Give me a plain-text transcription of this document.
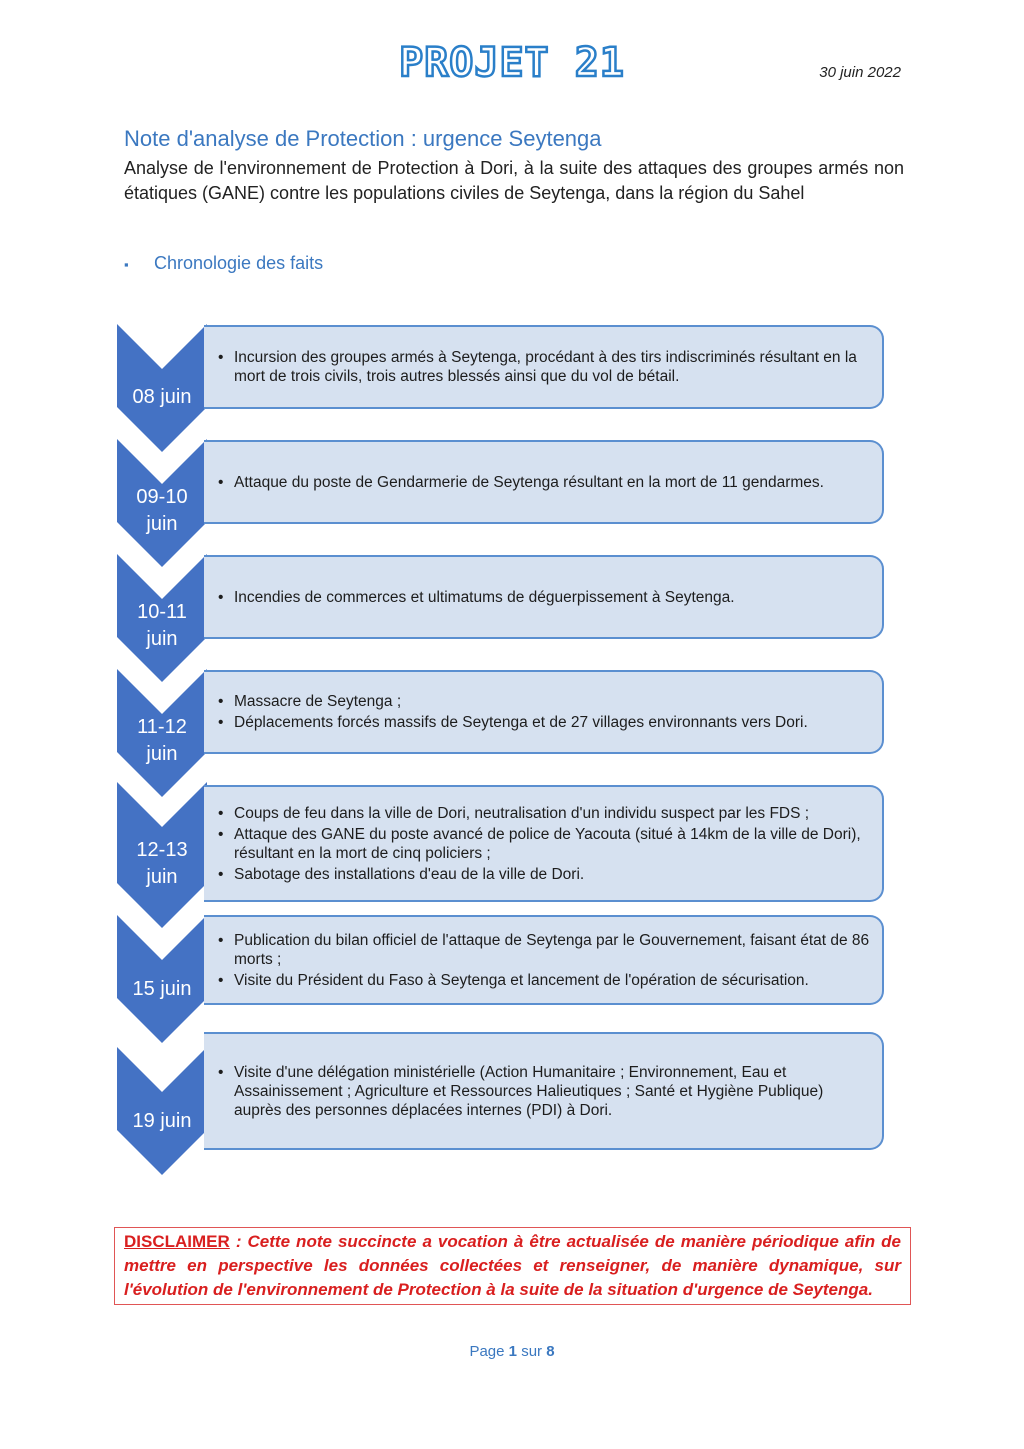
PROJET 21	30 juin 2022
Note d'analyse de Protection : urgence Seytenga
Analyse de l'environnement de Protection à Dori, à la suite des attaques des groupes armés non étatiques (GANE) contre les populations civiles de Seytenga, dans la région du Sahel
▪ Chronologie des faits
08 juin
• Incursion des groupes armés à Seytenga, procédant à des tirs indiscriminés résultant en la mort de trois civils, trois autres blessés ainsi que du vol de bétail.
09-10
juin
• Attaque du poste de Gendarmerie de Seytenga résultant en la mort de 11 gendarmes.
10-11
juin
• Incendies de commerces et ultimatums de déguerpissement à Seytenga.
11-12
juin
• Massacre de Seytenga ;
• Déplacements forcés massifs de Seytenga et de 27 villages environnants vers Dori.
12-13
juin
• Coups de feu dans la ville de Dori, neutralisation d'un individu suspect par les FDS ;
• Attaque des GANE du poste avancé de police de Yacouta (situé à 14km de la ville de Dori), résultant en la mort de cinq policiers ;
• Sabotage des installations d'eau de la ville de Dori.
15 juin
• Publication du bilan officiel de l'attaque de Seytenga par le Gouvernement, faisant état de 86 morts ;
• Visite du Président du Faso à Seytenga et lancement de l'opération de sécurisation.
19 juin
• Visite d'une délégation ministérielle (Action Humanitaire ; Environnement, Eau et Assainissement ; Agriculture et Ressources Halieutiques ; Santé et Hygiène Publique) auprès des personnes déplacées internes (PDI) à Dori.
DISCLAIMER : Cette note succincte a vocation à être actualisée de manière périodique afin de mettre en perspective les données collectées et renseigner, de manière dynamique, sur l'évolution de l'environnement de Protection à la suite de la situation d'urgence de Seytenga.
Page 1 sur 8
